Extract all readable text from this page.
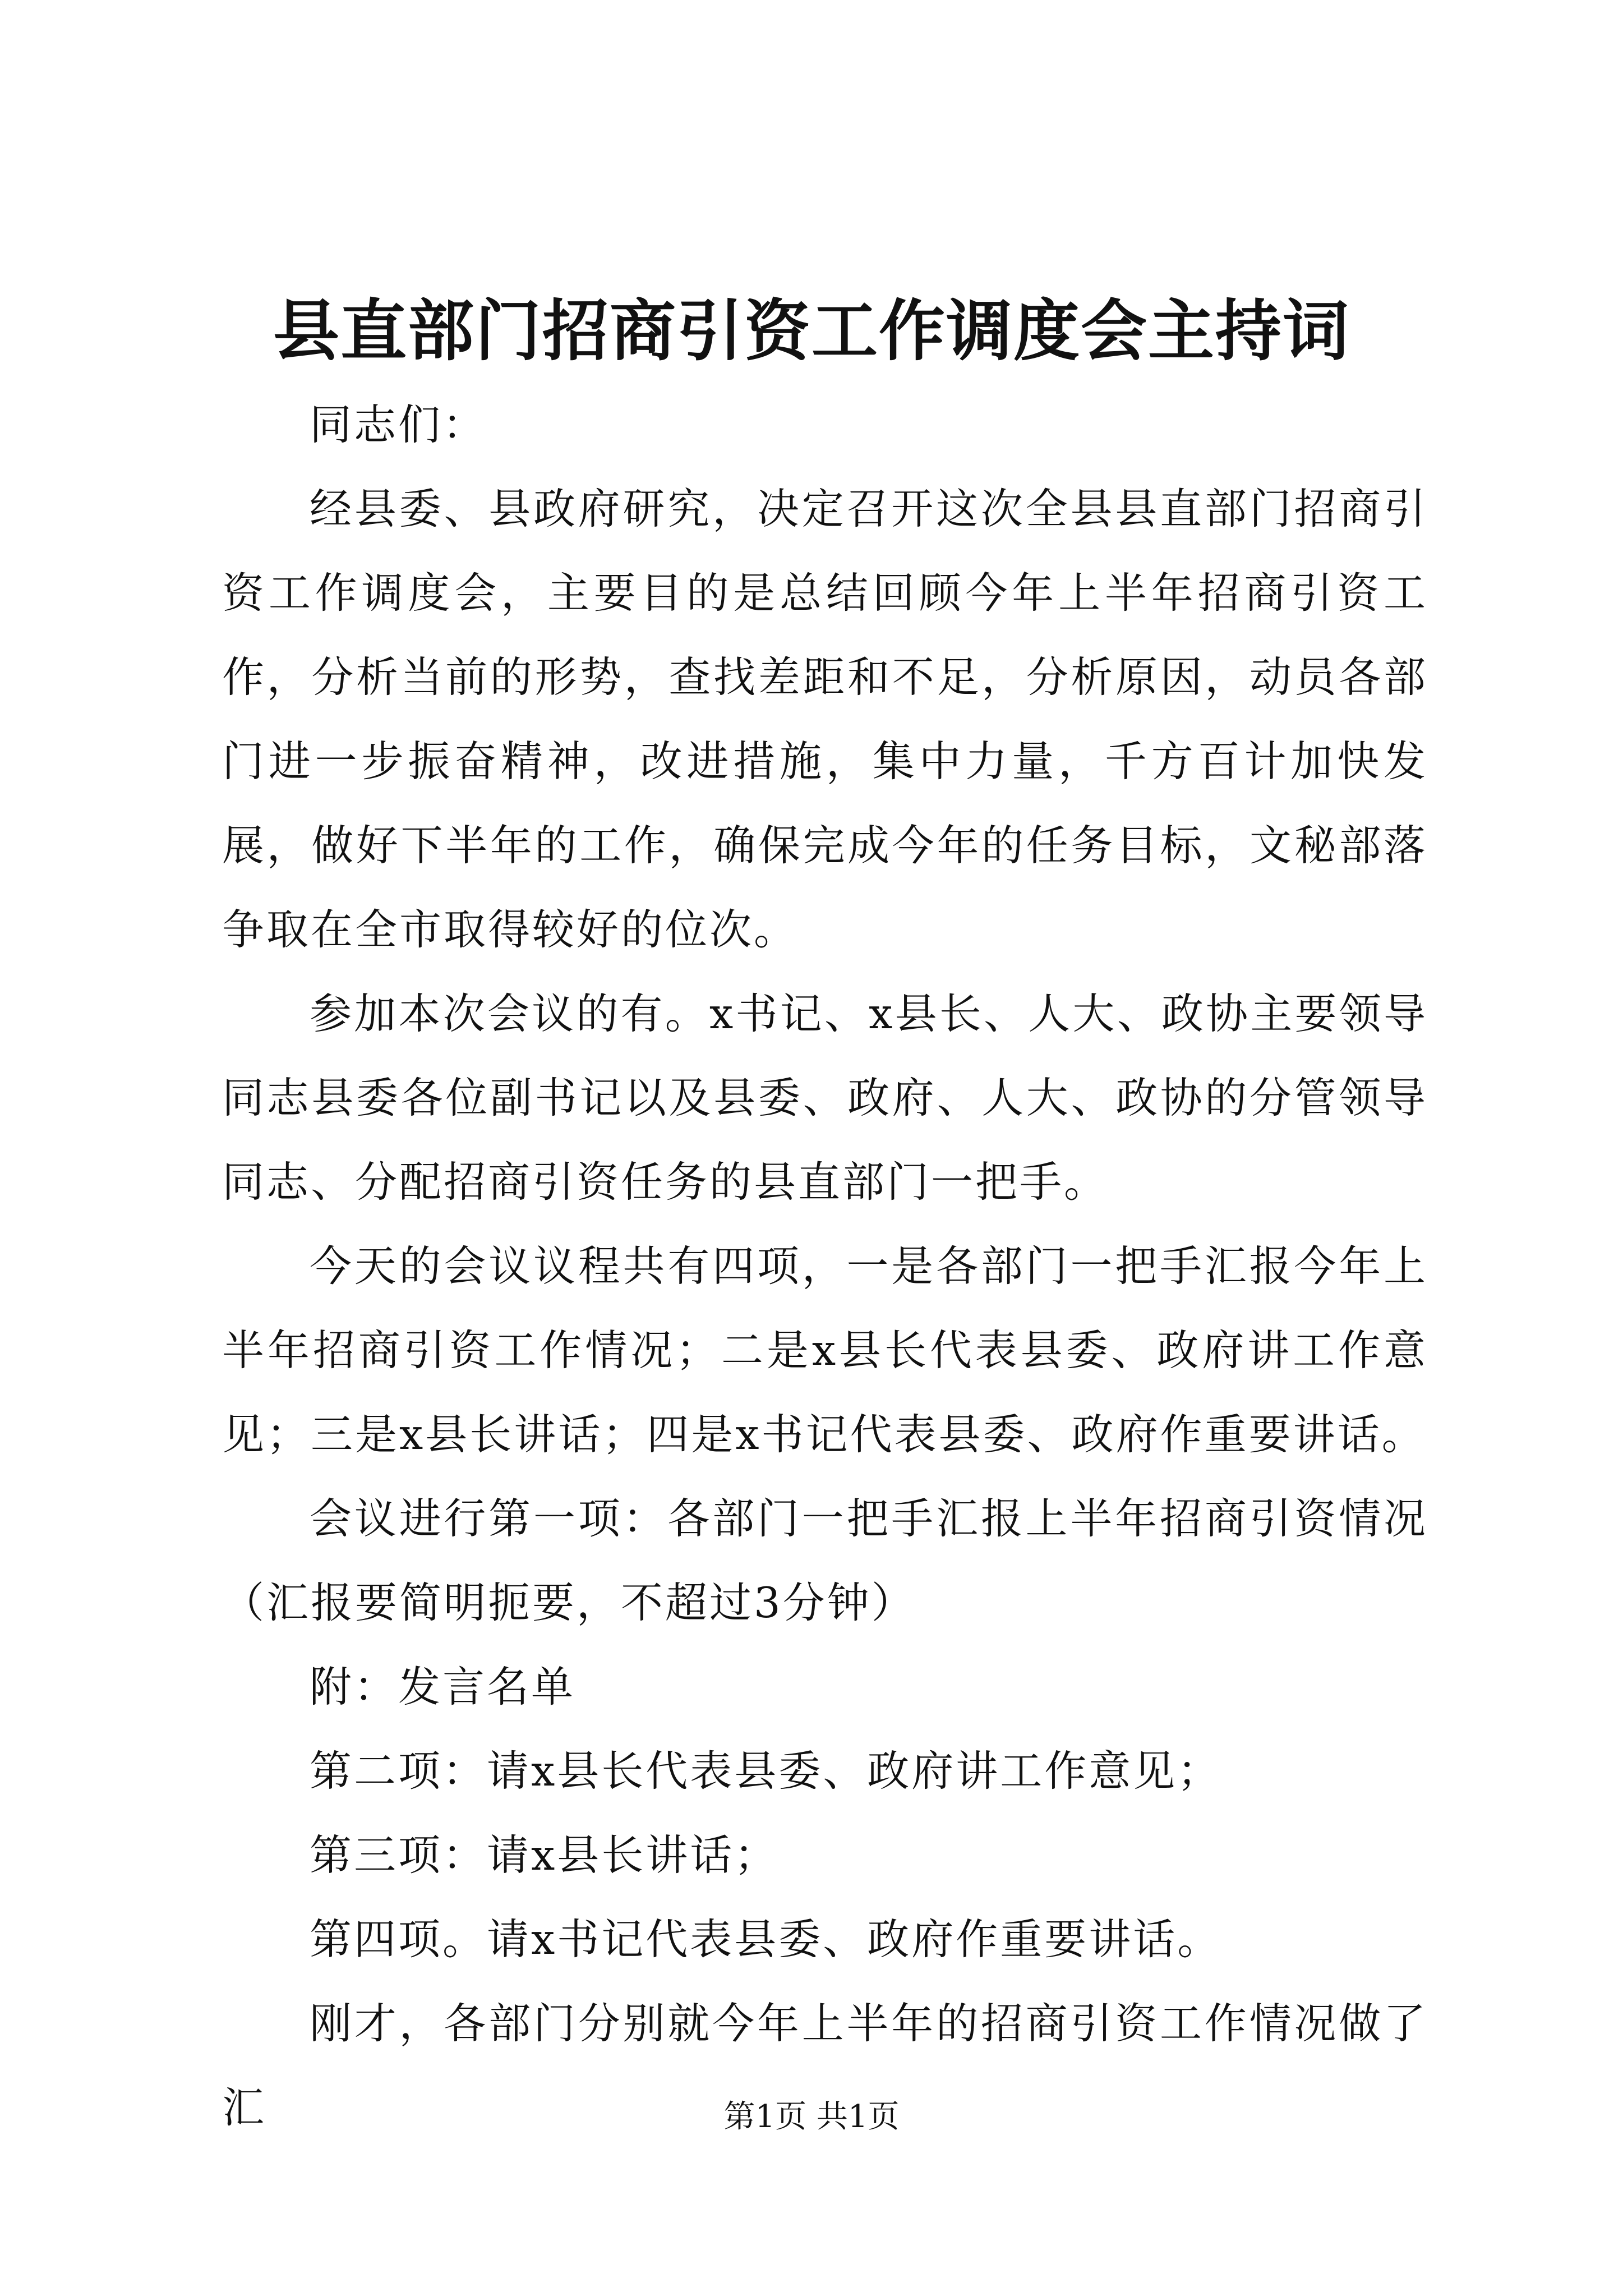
县直部门招商引资工作调度会主持词

同志们：

经县委、县政府研究，决定召开这次全县县直部门招商引资工作调度会，主要目的是总结回顾今年上半年招商引资工作，分析当前的形势，查找差距和不足，分析原因，动员各部门进一步振奋精神，改进措施，集中力量，千方百计加快发展，做好下半年的工作，确保完成今年的任务目标，文秘部落争取在全市取得较好的位次。

参加本次会议的有。x书记、x县长、人大、政协主要领导同志县委各位副书记以及县委、政府、人大、政协的分管领导同志、分配招商引资任务的县直部门一把手。

今天的会议议程共有四项，一是各部门一把手汇报今年上半年招商引资工作情况；二是x县长代表县委、政府讲工作意见；三是x县长讲话；四是x书记代表县委、政府作重要讲话。

会议进行第一项：各部门一把手汇报上半年招商引资情况（汇报要简明扼要，不超过3分钟）

附：发言名单

第二项：请x县长代表县委、政府讲工作意见；

第三项：请x县长讲话；

第四项。请x书记代表县委、政府作重要讲话。

刚才，各部门分别就今年上半年的招商引资工作情况做了汇	第1页 共1页
